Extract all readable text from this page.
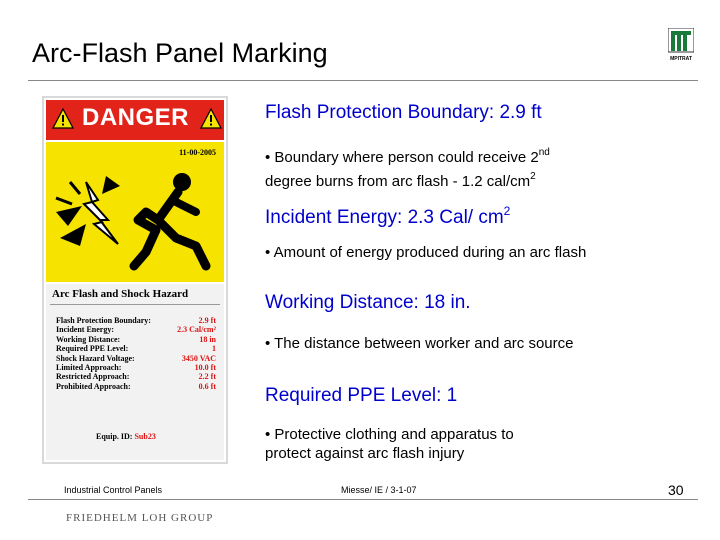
Arc-Flash Panel Marking	MPITRAT
DANGER
11-00-2005
Arc Flash and Shock Hazard
Flash Protection Boundary:	2.9 ft
Incident Energy:	2.3 Cal/cm²
Working Distance:	18 in
Required PPE Level:	1
Shock Hazard Voltage:	3450 VAC
Limited Approach:	10.0 ft
Restricted Approach:	2.2 ft
Prohibited Approach:	0.6 ft
Equip. ID: Sub23
Flash Protection Boundary: 2.9 ft
• Boundary where person could receive 2nd
degree burns from arc flash - 1.2 cal/$cm^2$
Incident Energy: 2.3 Cal/ $cm^2$
• Amount of energy produced during an arc flash
Working Distance: 18 in.
• The distance between worker and arc source
Required PPE Level: 1
• Protective clothing and apparatus to
protect against arc flash injury
Industrial Control Panels	Miesse/ IE / 3-1-07	30
FRIEDHELM LOH GROUP
